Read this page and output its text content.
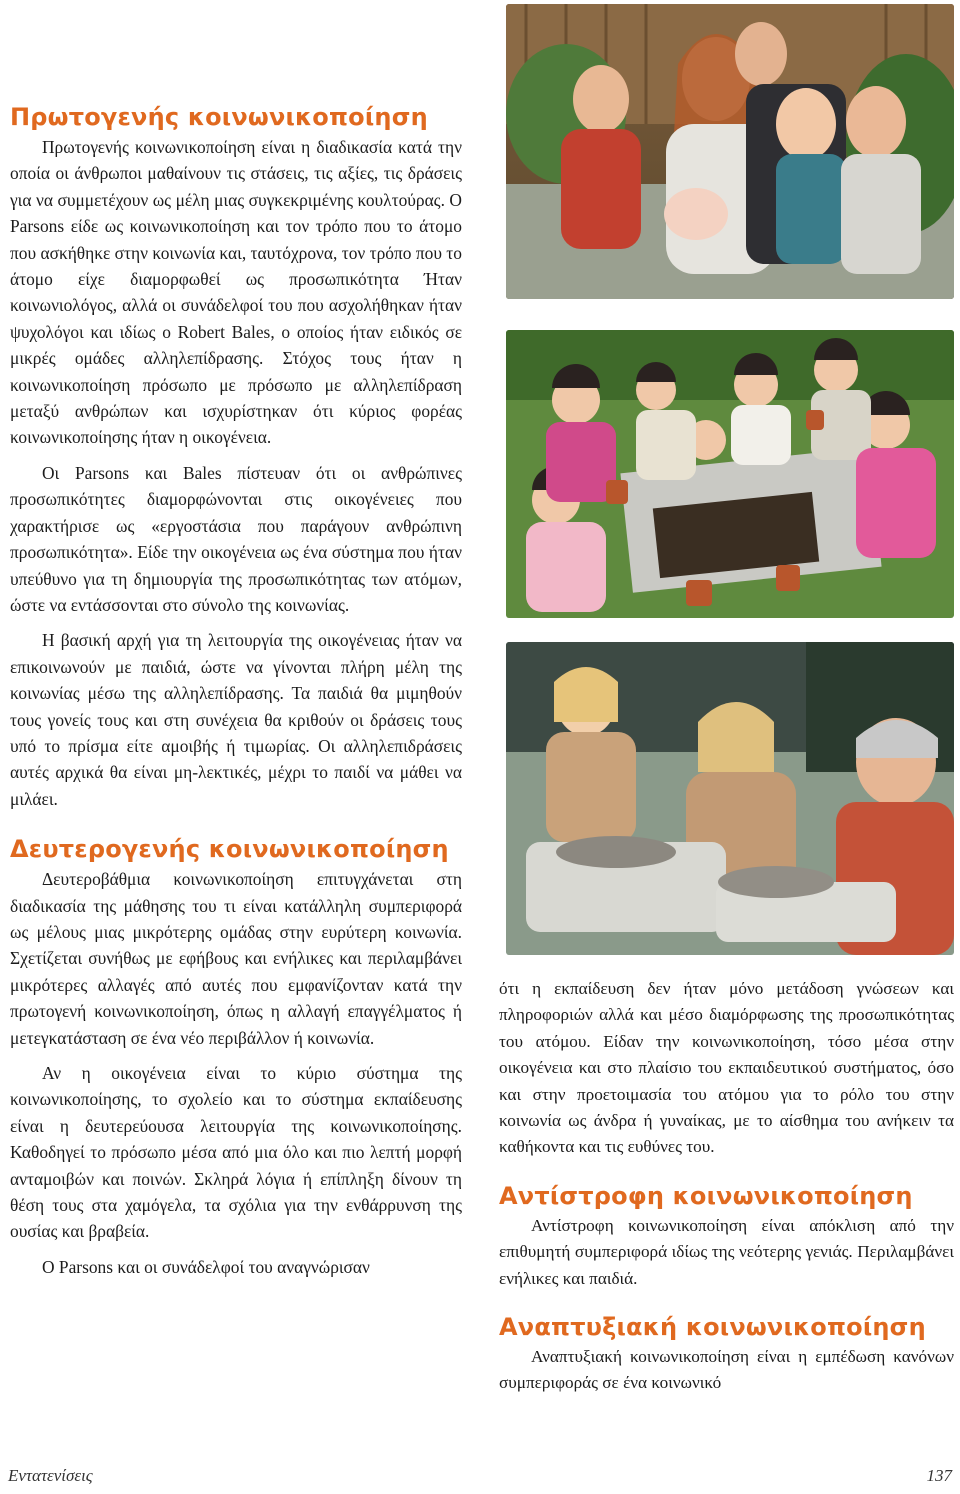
Πρωτογενής κοινωνικοποίηση

Πρωτογενής κοινωνικοποίηση είναι η διαδικασία κατά την οποία οι άνθρωποι μαθαίνουν τις στάσεις, τις αξίες, τις δράσεις για να συμμετέχουν ως μέλη μιας συγκεκριμένης κουλτούρας. Ο Parsons είδε ως κοινωνικοποίηση και τον τρόπο που το άτομο που ασκήθηκε στην κοινωνία και, ταυτόχρονα, τον τρόπο που το άτομο είχε διαμορφωθεί ως προσωπικότητα Ήταν κοινωνιολόγος, αλλά οι συνάδελφοί του που ασχολήθηκαν ήταν ψυχολόγοι και ιδίως ο Robert Bales, ο οποίος ήταν ειδικός σε μικρές ομάδες αλληλεπίδρασης. Στόχος τους ήταν η κοινωνικοποίηση πρόσωπο με πρόσωπο με αλληλεπίδραση μεταξύ ανθρώπων και ισχυρίστηκαν ότι κύριος φορέας κοινωνικοποίησης ήταν η οικογένεια.

Οι Parsons και Bales πίστευαν ότι οι ανθρώπινες προσωπικότητες διαμορφώνονται στις οικογένειες που χαρακτήρισε ως «εργοστάσια που παράγουν ανθρώπινη προσωπικότητα». Είδε την οικογένεια ως ένα σύστημα που ήταν υπεύθυνο για τη δημιουργία της προσωπικότητας των ατόμων, ώστε να εντάσσονται στο σύνολο της κοινωνίας.

Η βασική αρχή για τη λειτουργία της οικογένειας ήταν να επικοινωνούν με παιδιά, ώστε να γίνονται πλήρη μέλη της κοινωνίας μέσω της αλληλεπίδρασης. Τα παιδιά θα μιμηθούν τους γονείς τους και στη συνέχεια θα κριθούν οι δράσεις τους υπό το πρίσμα είτε αμοιβής ή τιμωρίας. Οι αλληλεπιδράσεις αυτές αρχικά θα είναι μη-λεκτικές, μέχρι το παιδί να μάθει να μιλάει.

Δευτερογενής κοινωνικοποίηση

Δευτεροβάθμια κοινωνικοποίηση επιτυγχάνεται στη διαδικασία της μάθησης του τι είναι κατάλληλη συμπεριφορά ως μέλους μιας μικρότερης ομάδας στην ευρύτερη κοινωνία. Σχετίζεται συνήθως με εφήβους και ενήλικες και περιλαμβάνει μικρότερες αλλαγές από αυτές που εμφανίζονταν κατά την πρωτογενή κοινωνικοποίηση, όπως η αλλαγή επαγγέλματος ή μετεγκατάσταση σε ένα νέο περιβάλλον ή κοινωνία.

Αν η οικογένεια είναι το κύριο σύστημα της κοινωνικοποίησης, το σχολείο και το σύστημα εκπαίδευσης είναι η δευτερεύουσα λειτουργία της κοινωνικοποίησης. Καθοδηγεί το πρόσωπο μέσα από μια όλο και πιο λεπτή μορφή ανταμοιβών και ποινών. Σκληρά λόγια ή επίπληξη δίνουν τη θέση τους στα χαμόγελα, τα σχόλια για την ενθάρρυνση της ουσίας και βραβεία.

Ο Parsons και οι συνάδελφοί του αναγνώρισαν

ότι η εκπαίδευση δεν ήταν μόνο μετάδοση γνώσεων και πληροφοριών αλλά και μέσο διαμόρφωσης της προσωπικότητας του ατόμου. Είδαν την κοινωνικοποίηση, τόσο μέσα στην οικογένεια και στο πλαίσιο του εκπαιδευτικού συστήματος, όσο και στην προετοιμασία του ατόμου για το ρόλο του στην κοινωνία ως άνδρα ή γυναίκας, με το αίσθημα του ανήκειν τα καθήκοντα και τις ευθύνες του.

Αντίστροφη κοινωνικοποίηση

Αντίστροφη κοινωνικοποίηση είναι απόκλιση από την επιθυμητή συμπεριφορά ιδίως της νεότερης γενιάς. Περιλαμβάνει ενήλικες και παιδιά.

Αναπτυξιακή κοινωνικοποίηση

Αναπτυξιακή κοινωνικοποίηση είναι η εμπέδωση κανόνων συμπεριφοράς σε ένα κοινωνικό

Εντατενίσεις	137
